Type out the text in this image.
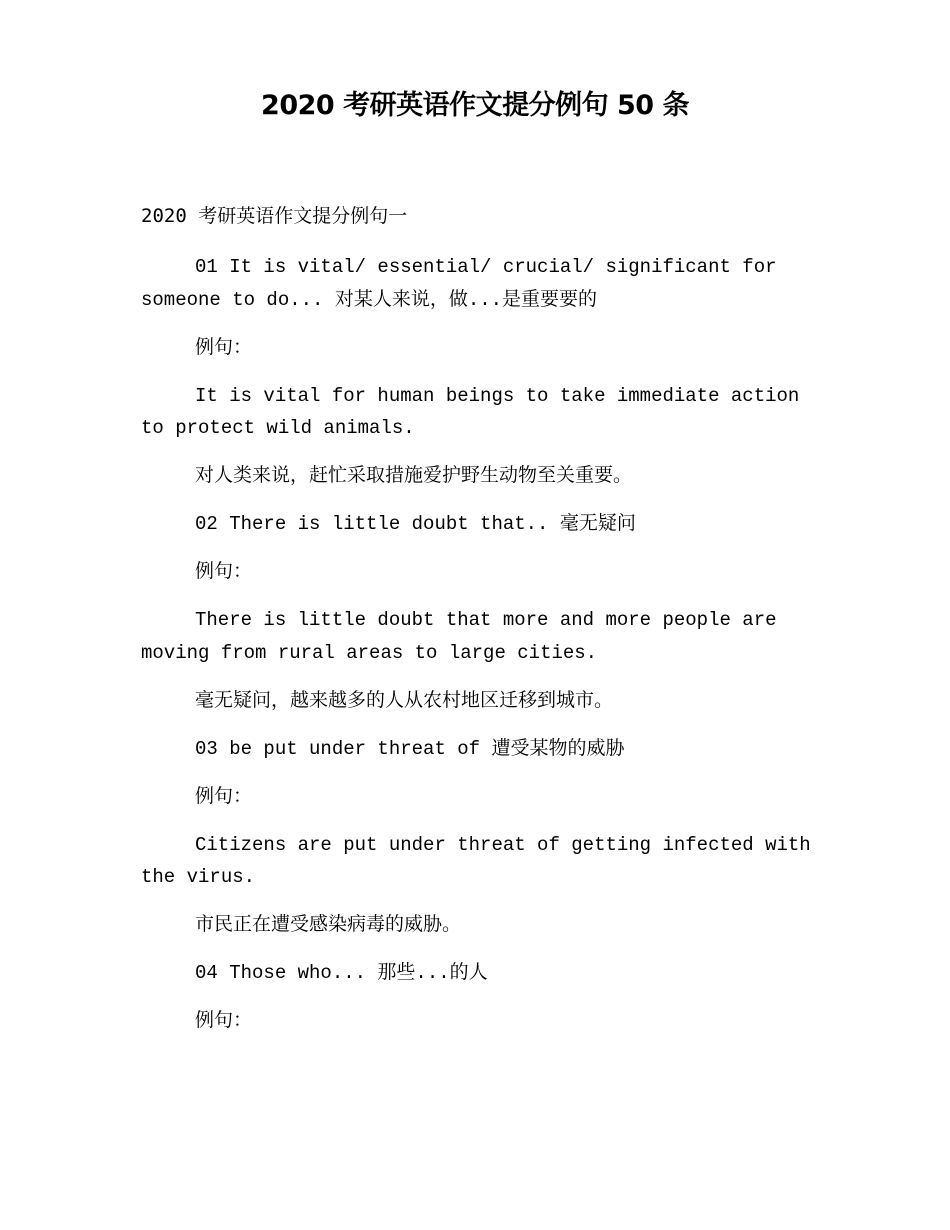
2020 考研英语作文提分例句 50 条

2020 考研英语作文提分例句一

01 It is vital/ essential/ crucial/ significant for someone to do... 对某人来说，做...是重要要的

例句：

It is vital for human beings to take immediate action to protect wild animals.

对人类来说，赶忙采取措施爱护野生动物至关重要。

02 There is little doubt that.. 毫无疑问

例句：

There is little doubt that more and more people are moving from rural areas to large cities.

毫无疑问，越来越多的人从农村地区迁移到城市。

03 be put under threat of 遭受某物的威胁

例句：

Citizens are put under threat of getting infected with the virus.

市民正在遭受感染病毒的威胁。

04 Those who... 那些...的人

例句：
